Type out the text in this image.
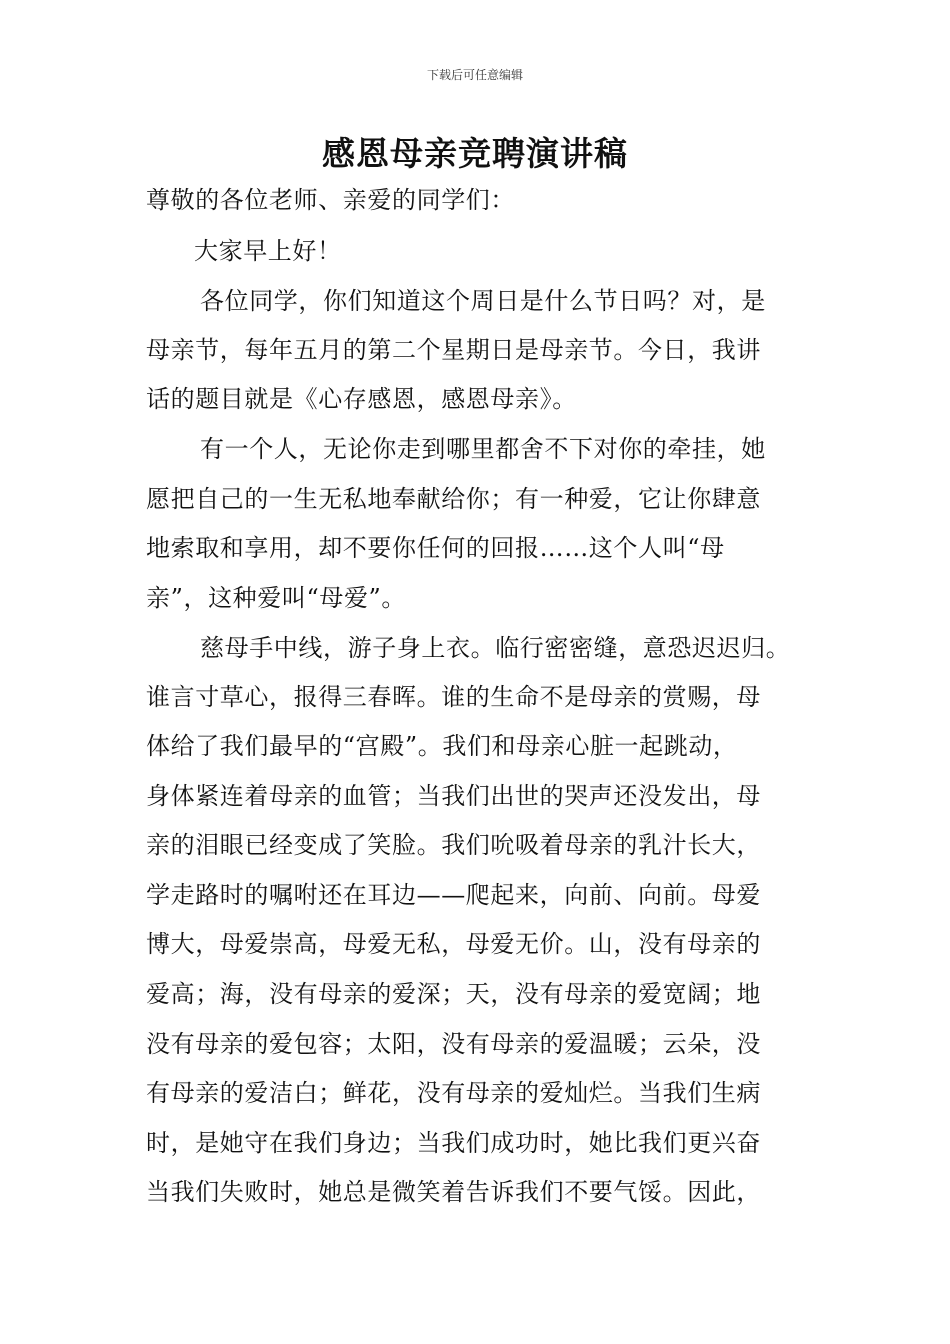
下载后可任意编辑
感恩母亲竞聘演讲稿
尊敬的各位老师、亲爱的同学们：
大家早上好！
各位同学，你们知道这个周日是什么节日吗？对，是
母亲节，每年五月的第二个星期日是母亲节。今日，我讲
话的题目就是《心存感恩，感恩母亲》。
有一个人，无论你走到哪里都舍不下对你的牵挂，她
愿把自己的一生无私地奉献给你；有一种爱，它让你肆意
地索取和享用，却不要你任何的回报……这个人叫“母
亲”，这种爱叫“母爱”。
慈母手中线，游子身上衣。临行密密缝，意恐迟迟归。
谁言寸草心，报得三春晖。谁的生命不是母亲的赏赐，母
体给了我们最早的“宫殿”。我们和母亲心脏一起跳动，
身体紧连着母亲的血管；当我们出世的哭声还没发出，母
亲的泪眼已经变成了笑脸。我们吮吸着母亲的乳汁长大，
学走路时的嘱咐还在耳边——爬起来，向前、向前。母爱
博大，母爱崇高，母爱无私，母爱无价。山，没有母亲的
爱高；海，没有母亲的爱深；天，没有母亲的爱宽阔；地
没有母亲的爱包容；太阳，没有母亲的爱温暖；云朵，没
有母亲的爱洁白；鲜花，没有母亲的爱灿烂。当我们生病
时，是她守在我们身边；当我们成功时，她比我们更兴奋
当我们失败时，她总是微笑着告诉我们不要气馁。因此，
